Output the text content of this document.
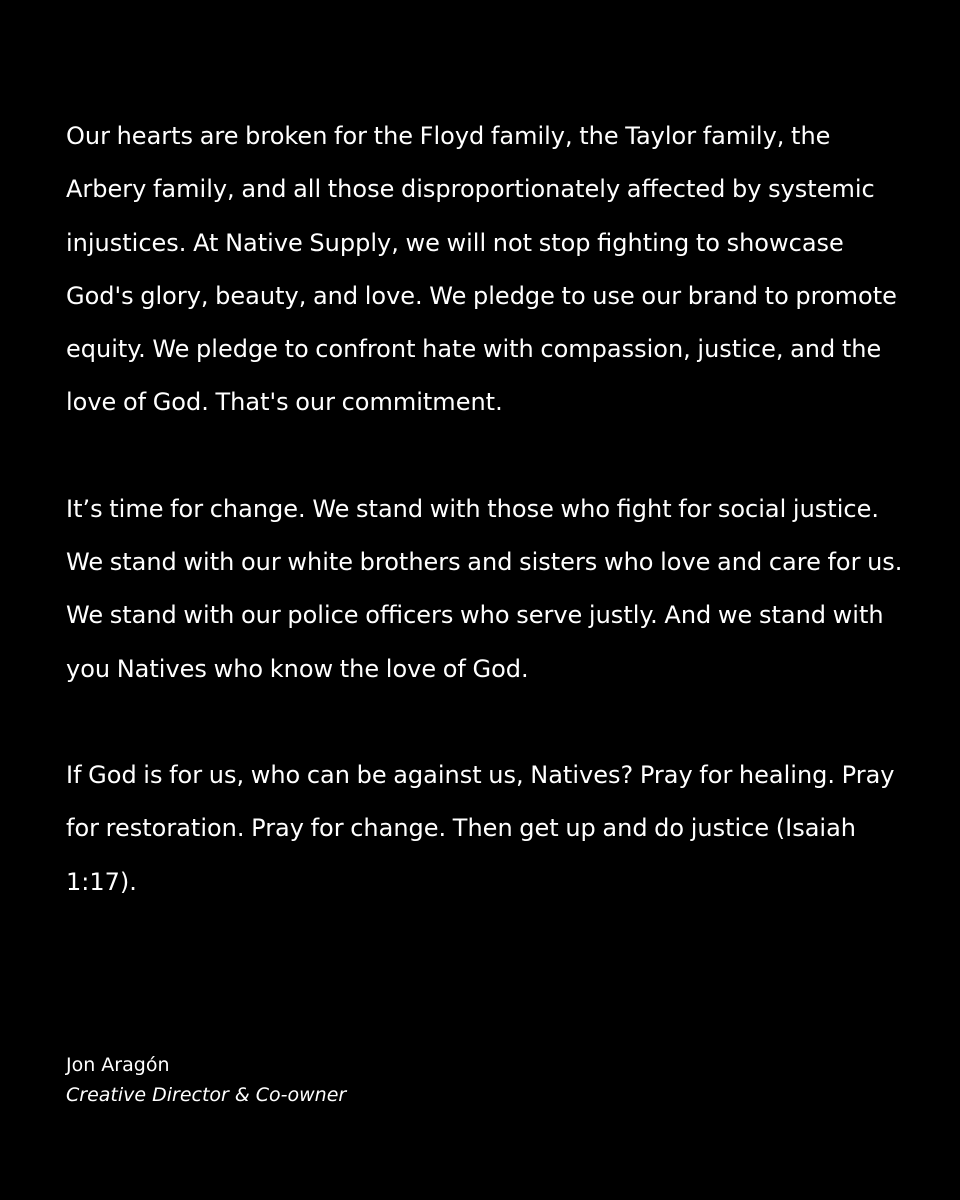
Our hearts are broken for the Floyd family, the Taylor family, the Arbery family, and all those disproportionately affected by systemic injustices. At Native Supply, we will not stop fighting to showcase God's glory, beauty, and love. We pledge to use our brand to promote equity. We pledge to confront hate with compassion, justice, and the love of God. That's our commitment.

It’s time for change. We stand with those who fight for social justice. We stand with our white brothers and sisters who love and care for us. We stand with our police officers who serve justly. And we stand with you Natives who know the love of God.

If God is for us, who can be against us, Natives? Pray for healing. Pray for restoration. Pray for change. Then get up and do justice (Isaiah 1:17).

Jon Aragón
Creative Director & Co-owner
